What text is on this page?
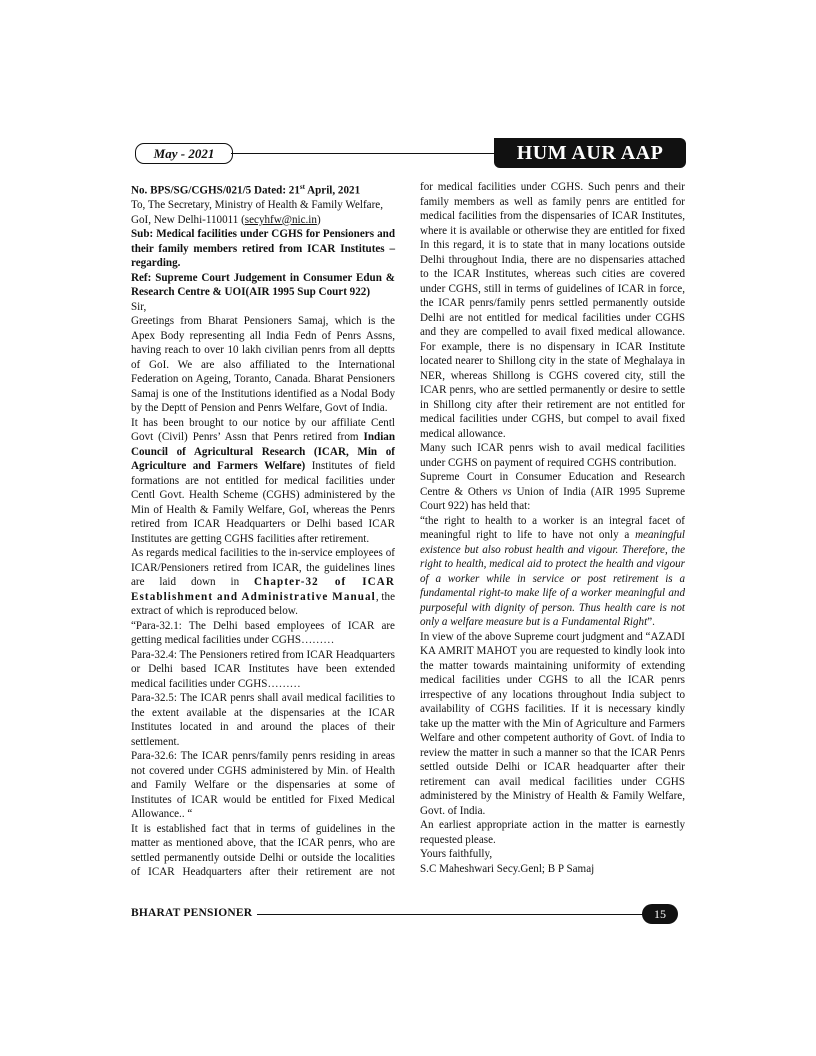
May - 2021	HUM AUR AAP

No. BPS/SG/CGHS/021/5 Dated: 21st April, 2021

To, The Secretary, Ministry of Health & Family Welfare,
GoI, New Delhi-110011 (secyhfw@nic.in)

Sub: Medical facilities under CGHS for Pensioners and their family members retired from ICAR Institutes – regarding.

Ref: Supreme Court Judgement in Consumer Edun & Research Centre & UOI(AIR 1995 Sup Court 922)

Sir,

Greetings from Bharat Pensioners Samaj, which is the Apex Body representing all India Fedn of Penrs Assns, having reach to over 10 lakh civilian penrs from all deptts of GoI. We are also affiliated to the International Federation on Ageing, Toranto, Canada. Bharat Pensioners Samaj is one of the Institutions identified as a Nodal Body by the Deptt of Pension and Penrs Welfare, Govt of India.

It has been brought to our notice by our affiliate Centl Govt (Civil) Penrs’ Assn that Penrs retired from Indian Council of Agricultural Research (ICAR, Min of Agriculture and Farmers Welfare) Institutes of field formations are not entitled for medical facilities under Centl Govt. Health Scheme (CGHS) administered by the Min of Health & Family Welfare, GoI, whereas the Penrs retired from ICAR Headquarters or Delhi based ICAR Institutes are getting CGHS facilities after retirement.

As regards medical facilities to the in-service employees of ICAR/Pensioners retired from ICAR, the guidelines lines are laid down in Chapter-32 of ICAR Establishment and Administrative Manual, the extract of which is reproduced below.

“Para-32.1: The Delhi based employees of ICAR are getting medical facilities under CGHS………

Para-32.4: The Pensioners retired from ICAR Headquarters or Delhi based ICAR Institutes have been extended medical facilities under CGHS………

Para-32.5: The ICAR penrs shall avail medical facilities to the extent available at the dispensaries at the ICAR Institutes located in and around the places of their settlement.

Para-32.6: The ICAR penrs/family penrs residing in areas not covered under CGHS administered by Min. of Health and Family Welfare or the dispensaries at some of Institutes of ICAR would be entitled for Fixed Medical Allowance.. “

It is established fact that in terms of guidelines in the matter as mentioned above, that the ICAR penrs, who are settled permanently outside Delhi or outside the localities of ICAR Headquarters after their retirement are not

for medical facilities under CGHS. Such penrs and their family members as well as family penrs are entitled for medical facilities from the dispensaries of ICAR Institutes, where it is available or otherwise they are entitled for fixed

In this regard, it is to state that in many locations outside Delhi throughout India, there are no dispensaries attached to the ICAR Institutes, whereas such cities are covered under CGHS, still in terms of guidelines of ICAR in force, the ICAR penrs/family penrs settled permanently outside Delhi are not entitled for medical facilities under CGHS and they are compelled to avail fixed medical allowance. For example, there is no dispensary in ICAR Institute located nearer to Shillong city in the state of Meghalaya in NER, whereas Shillong is CGHS covered city, still the ICAR penrs, who are settled permanently or desire to settle in Shillong city after their retirement are not entitled for medical facilities under CGHS, but compel to avail fixed medical allowance.

Many such ICAR penrs wish to avail medical facilities under CGHS on payment of required CGHS contribution.

Supreme Court in Consumer Education and Research Centre & Others vs Union of India (AIR 1995 Supreme Court 922) has held that:

“the right to health to a worker is an integral facet of meaningful right to life to have not only a meaningful existence but also robust health and vigour. Therefore, the right to health, medical aid to protect the health and vigour of a worker while in service or post retirement is a fundamental right-to make life of a worker meaningful and purposeful with dignity of person. Thus health care is not only a welfare measure but is a Fundamental Right”.

In view of the above Supreme court judgment and “AZADI KA AMRIT MAHOT you are requested to kindly look into the matter towards maintaining uniformity of extending medical facilities under CGHS to all the ICAR penrs irrespective of any locations throughout India subject to availability of CGHS facilities. If it is necessary kindly take up the matter with the Min of Agriculture and Farmers Welfare and other competent authority of Govt. of India to review the matter in such a manner so that the ICAR Penrs settled outside Delhi or ICAR headquarter after their retirement can avail medical facilities under CGHS administered by the Ministry of Health & Family Welfare, Govt. of India.

An earliest appropriate action in the matter is earnestly requested please.

Yours faithfully,

S.C Maheshwari Secy.Genl; B P Samaj

BHARAT PENSIONER	15
